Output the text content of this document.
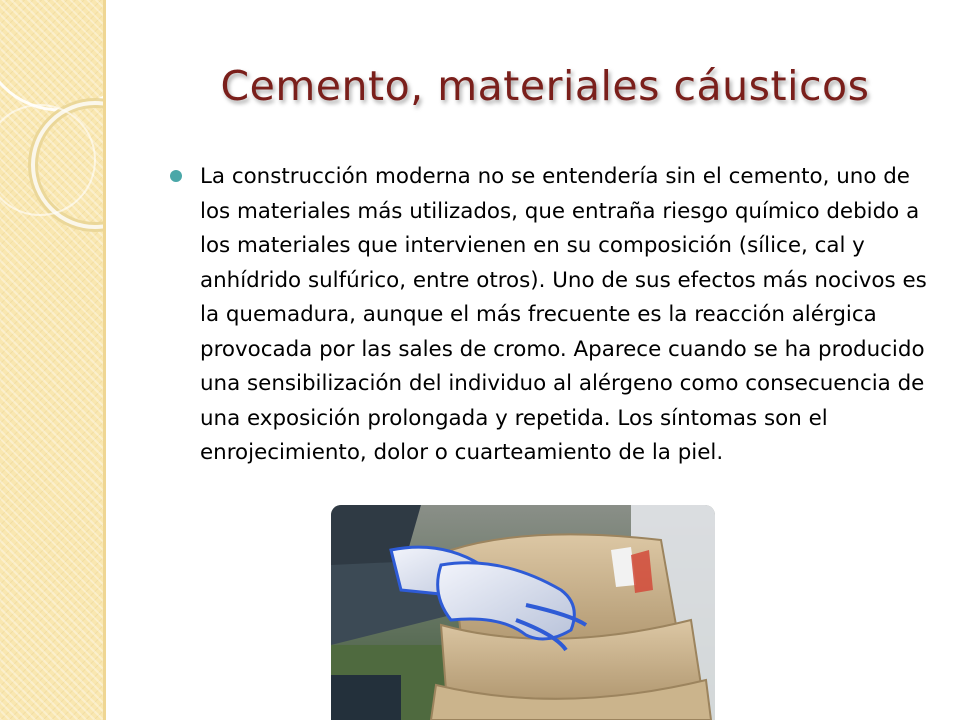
Cemento, materiales cáusticos
La construcción moderna no se entendería sin el cemento, uno de los materiales más utilizados, que entraña riesgo químico debido a los materiales que intervienen en su composición (sílice, cal y anhídrido sulfúrico, entre otros). Uno de sus efectos más nocivos es la quemadura, aunque el más frecuente es la reacción alérgica provocada por las sales de cromo. Aparece cuando se ha producido una sensibilización del individuo al alérgeno como consecuencia de una exposición prolongada y repetida. Los síntomas son el enrojecimiento, dolor o cuarteamiento de la piel.
